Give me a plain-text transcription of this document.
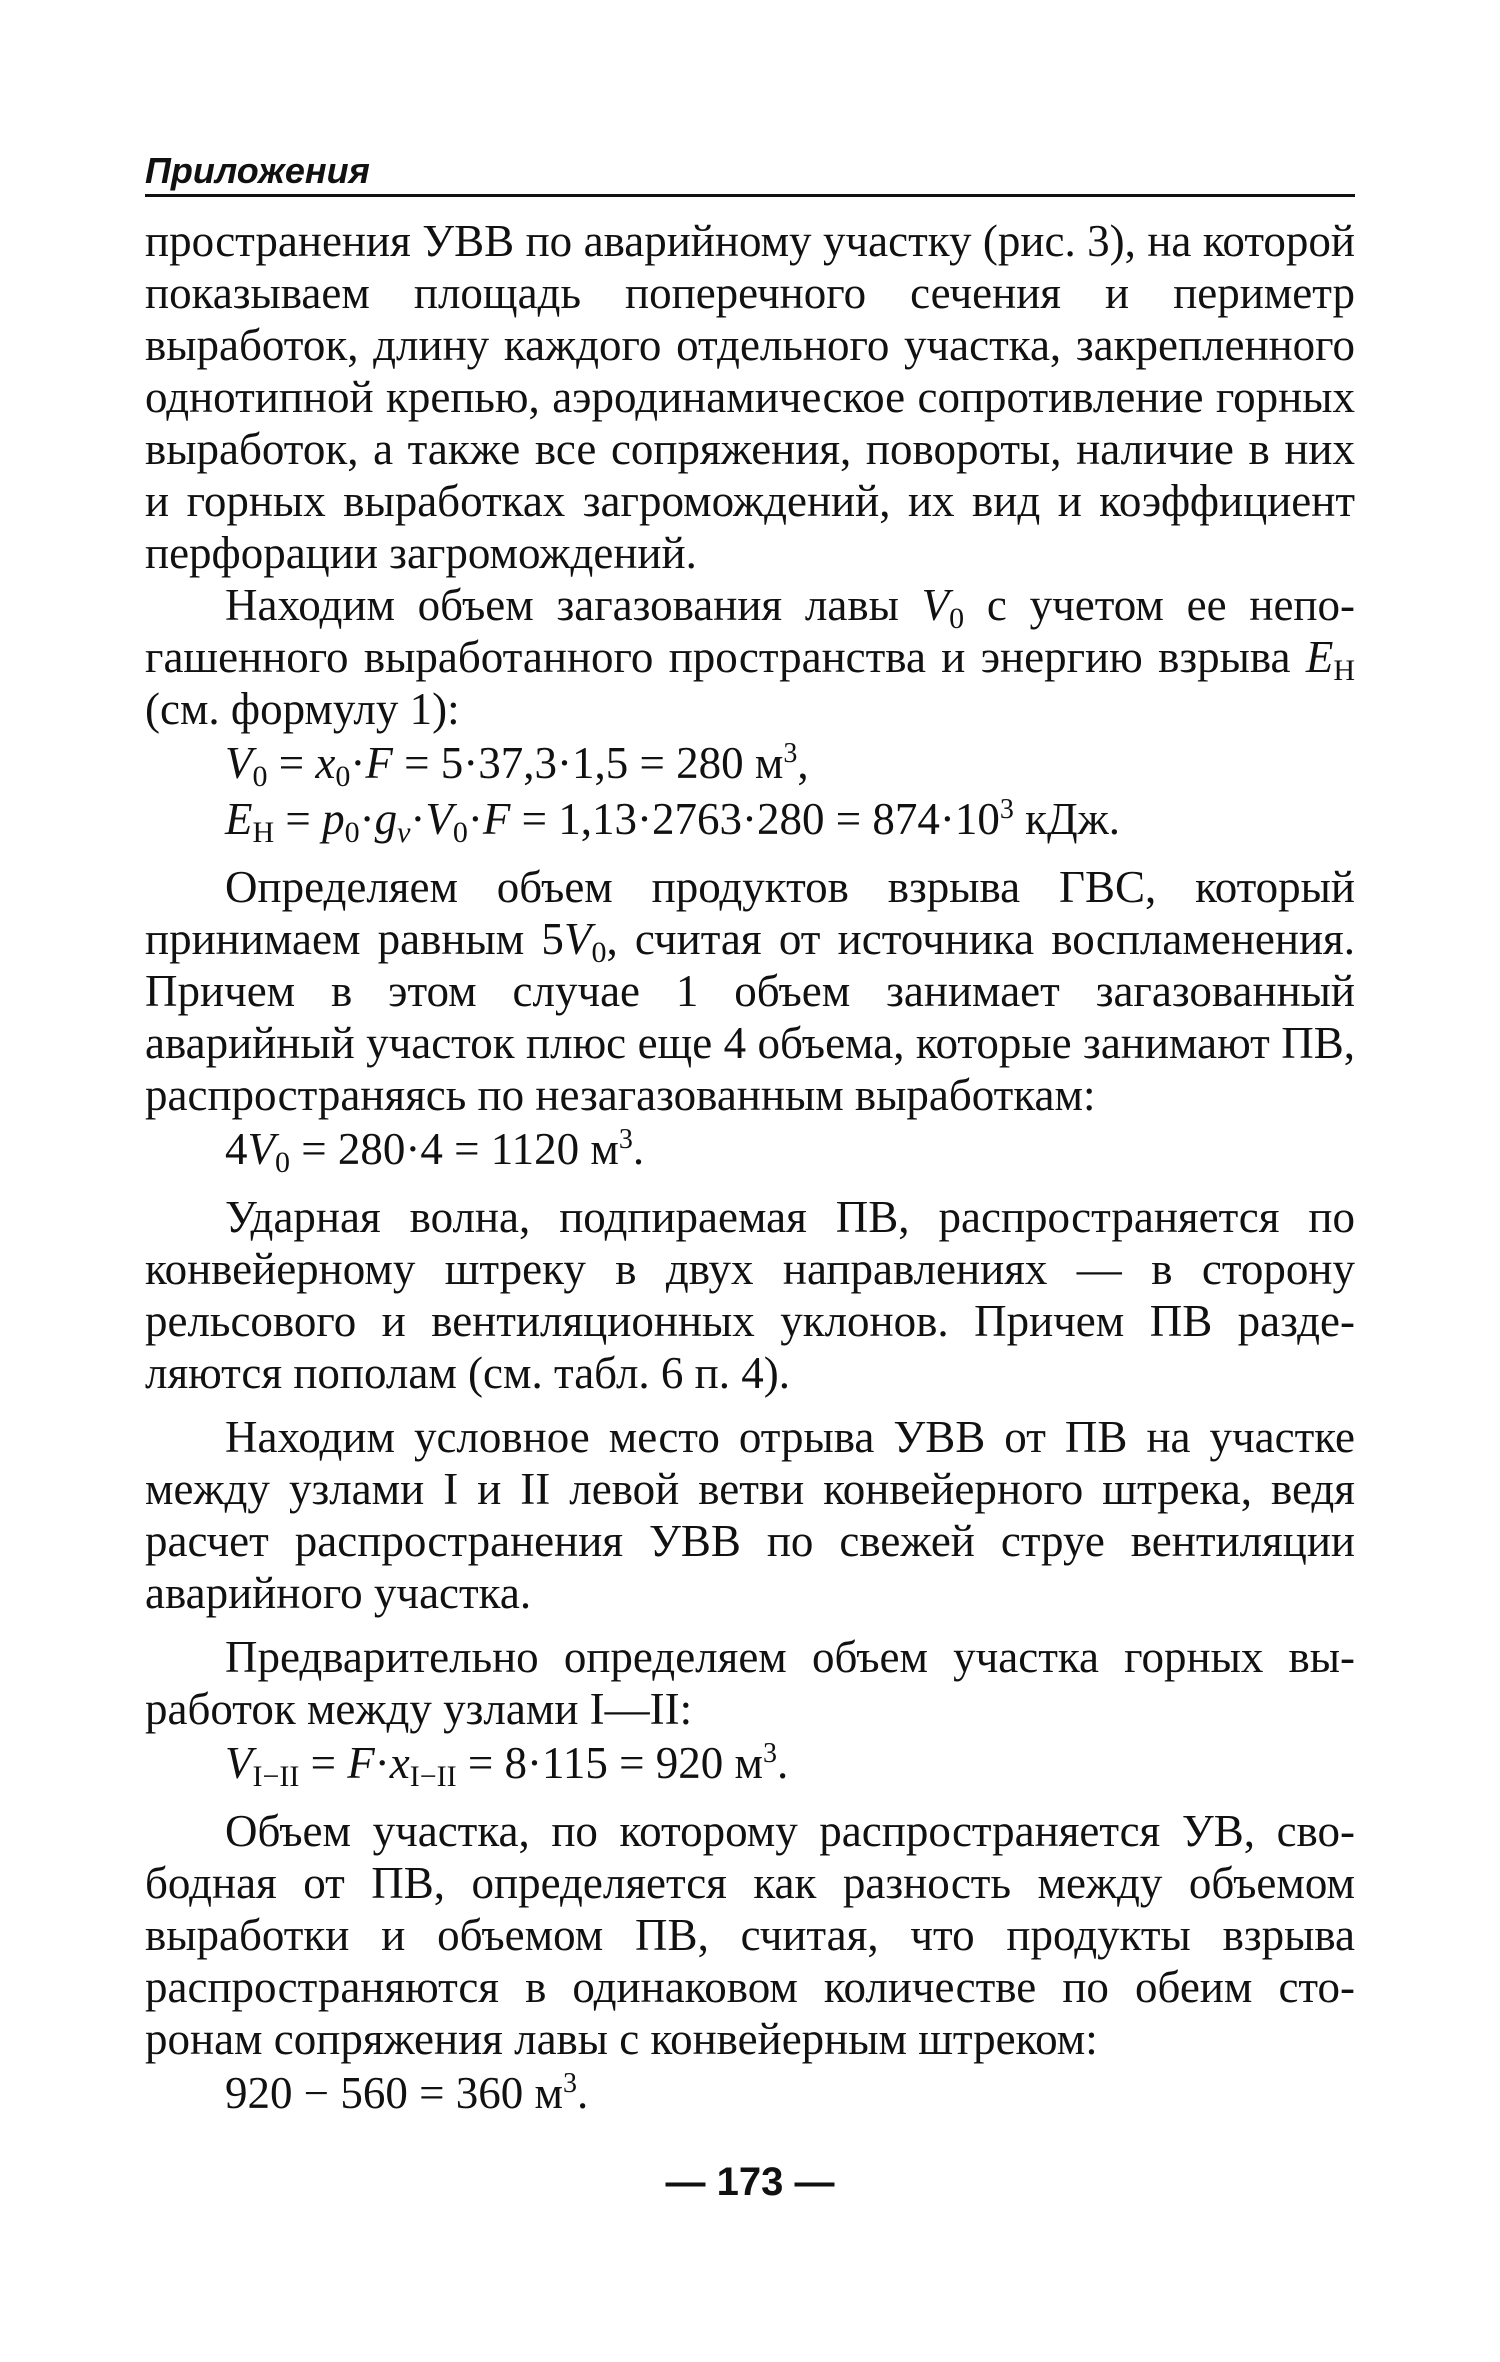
Приложения

пространения УВВ по аварийному участку (рис. 3), на которой показываем площадь поперечного сечения и периметр выработок, длину каждого отдельного участка, закрепленного однотипной крепью, аэродинамическое сопротивление горных выработок, а также все сопряжения, повороты, наличие в них и горных выработках загромождений, их вид и коэффициент перфорации загромождений.

Находим объем загазования лавы $V_0$ с учетом ее непогашенного выработанного пространства и энергию взрыва $E_Н$ (см. формулу 1):

$V_0 = x_0\cdot F = 5\cdot 37,3\cdot 1,5 = 280$ $м^3$,
$E_Н = p_0\cdot g_v\cdot V_0\cdot F = 1,13\cdot 2763\cdot 280 = 874\cdot 10^3$ кДж.

Определяем объем продуктов взрыва ГВС, который принимаем равным $5V_0$, считая от источника воспламенения. Причем в этом случае 1 объем занимает загазованный аварийный участок плюс еще 4 объема, которые занимают ПВ, распространяясь по незагазованным выработкам:

$4V_0 = 280\cdot 4 = 1120$ $м^3$.

Ударная волна, подпираемая ПВ, распространяется по конвейерному штреку в двух направлениях — в сторону рельсового и вентиляционных уклонов. Причем ПВ разделяются пополам (см. табл. 6 п. 4).

Находим условное место отрыва УВВ от ПВ на участке между узлами I и II левой ветви конвейерного штрека, ведя расчет распространения УВВ по свежей струе вентиляции аварийного участка.

Предварительно определяем объем участка горных выработок между узлами I—II:

$V_{I-II} = F\cdot x_{I-II} = 8\cdot 115 = 920$ $м^3$.

Объем участка, по которому распространяется УВ, свободная от ПВ, определяется как разность между объемом выработки и объемом ПВ, считая, что продукты взрыва распространяются в одинаковом количестве по обеим сторонам сопряжения лавы с конвейерным штреком:

920 − 560 = 360 $м^3$.
— 173 —
